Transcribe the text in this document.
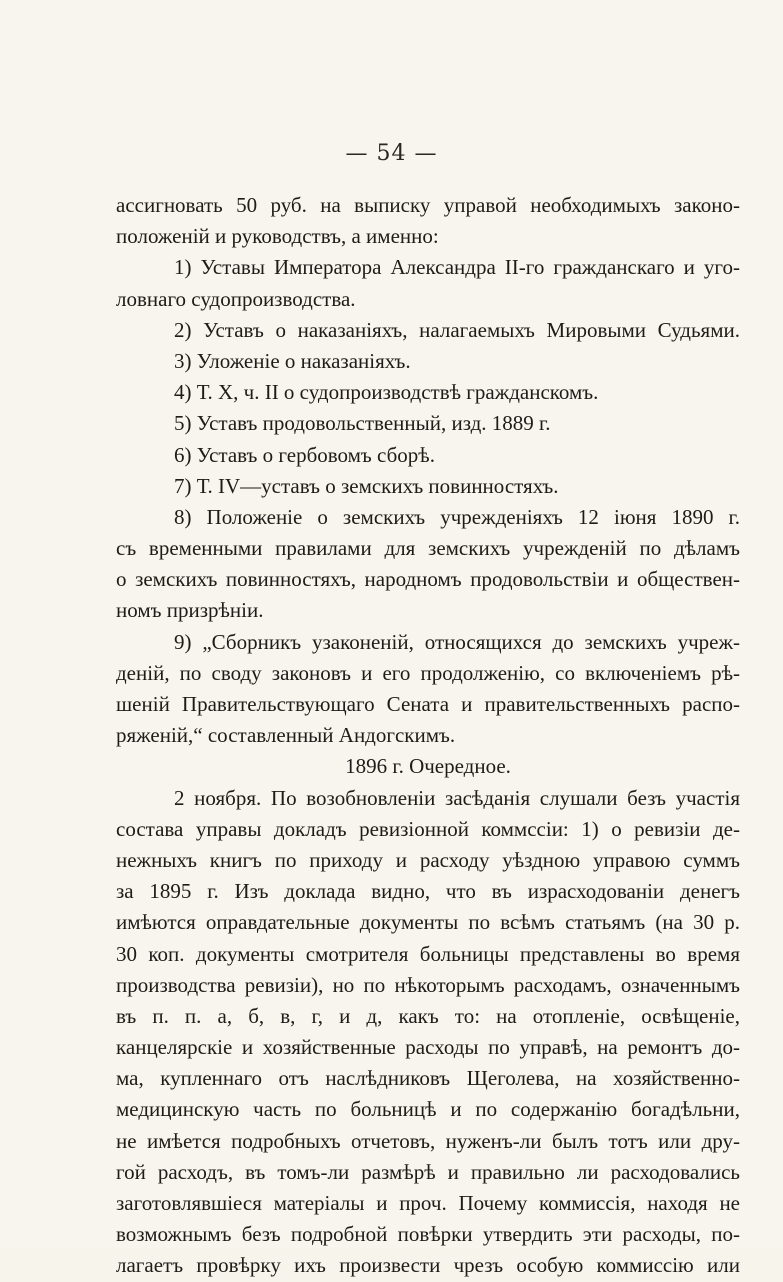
— 54 —
ассигновать 50 руб. на выписку управой необходимыхъ законо-
положеній и руководствъ, а именно:
1) Уставы Императора Александра II-го гражданскаго и уго-
ловнаго судопроизводства.
2) Уставъ о наказаніяхъ, налагаемыхъ Мировыми Судьями.
3) Уложеніе о наказаніяхъ.
4) Т. X, ч. II о судопроизводствѣ гражданскомъ.
5) Уставъ продовольственный, изд. 1889 г.
6) Уставъ о гербовомъ сборѣ.
7) Т. IV—уставъ о земскихъ повинностяхъ.
8) Положеніе о земскихъ учрежденіяхъ 12 іюня 1890 г.
съ временными правилами для земскихъ учрежденій по дѣламъ
о земскихъ повинностяхъ, народномъ продовольствіи и обществен-
номъ призрѣніи.
9) „Сборникъ узаконеній, относящихся до земскихъ учреж-
деній, по своду законовъ и его продолженію, со включеніемъ рѣ-
шеній Правительствующаго Сената и правительственныхъ распо-
ряженій,“ составленный Андогскимъ.
1896 г. Очередное.
2 ноября. По возобновленіи засѣданія слушали безъ участія
состава управы докладъ ревизіонной коммссіи: 1) о ревизіи де-
нежныхъ книгъ по приходу и расходу уѣздною управою суммъ
за 1895 г. Изъ доклада видно, что въ израсходованіи денегъ
имѣются оправдательные документы по всѣмъ статьямъ (на 30 р.
30 коп. документы смотрителя больницы представлены во время
производства ревизіи), но по нѣкоторымъ расходамъ, означеннымъ
въ п. п. а, б, в, г, и д, какъ то: на отопленіе, освѣщеніе,
канцелярскіе и хозяйственные расходы по управѣ, на ремонтъ до-
ма, купленнаго отъ наслѣдниковъ Щеголева, на хозяйственно-
медицинскую часть по больницѣ и по содержанію богадѣльни,
не имѣется подробныхъ отчетовъ, нуженъ-ли былъ тотъ или дру-
гой расходъ, въ томъ-ли размѣрѣ и правильно ли расходовались
заготовлявшіеся матеріалы и проч. Почему коммиссія, находя не
возможнымъ безъ подробной повѣрки утвердить эти расходы, по-
лагаетъ провѣрку ихъ произвести чрезъ особую коммиссію или
